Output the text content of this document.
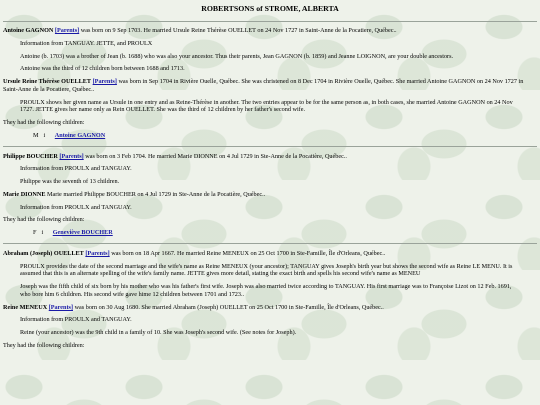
ROBERTSONS of STROME, ALBERTA

Antoine GAGNON [Parents] was born on 9 Sep 1703. He married Ursule Reine Thérèse OUELLET on 24 Nov 1727 in Saint-Anne de la Pocatiere, Québec..

Information from TANGUAY. JETTE, and PROULX

Antoine (b. 1703) was a brother of Jean (b. 1688) who was also your ancestor. Thus their parents, Jean GAGNON (b. 1859) and Jeanne LOIGNON, are your double ancestors.

Antoine was the third of 12 children born between 1688 and 1713.

Ursule Reine Thérèse OUELLET [Parents] was born in Sep 1704 in Rivière Ouelle, Québec. She was christened on 8 Dec 1704 in Rivière Ouelle, Québec. She married Antoine GAGNON on 24 Nov 1727 in Saint-Anne de la Pocatiere, Québec..

PROULX shows her given name as Ursule in one entry and as Reine-Thérèse in another. The two entries appear to be for the same person as, in both cases, she married Antoine GAGNON on 24 Nov 1727. JETTE gives her name only as Rein OUELLET. She was the third of 12 children by her father's second wife.

They had the following children:

M i Antoine GAGNON

Philippe BOUCHER [Parents] was born on 3 Feb 1704. He married Marie DIONNE on 4 Jul 1729 in Ste-Anne de la Pocatière, Québec..

Information from PROULX and TANGUAY.

Philippe was the seventh of 13 children.

Marie DIONNE Marie married Philippe BOUCHER on 4 Jul 1729 in Ste-Anne de la Pocatière, Québec..

Information from PROULX and TANGUAY.

They had the following children:

F i Geneviève BOUCHER

Abraham (Joseph) OUELLET [Parents] was born on 18 Apr 1667. He married Reine MENEUX on 25 Oct 1700 in Ste-Famille, Île d'Orleans, Québec..

PROULX provides the date of the second marriage and the wife's name as Reine MENEUX (your ancestor); TANGUAY gives Joseph's birth year but shows the second wife as Reine LE MENU. It is assumed that this is an alternate spelling of the wife's family name. JETTE gives more detail, stating the exact birth and spells his second wife's name as MENEU

Joseph was the fifth child of six born by his mother who was his father's first wife. Joseph was also married twice according to TANGUAY. His first marriage was to Françoise Lizot on 12 Feb. 1691, who bore him 6 children. His second wife gave hime 12 children between 1701 and 1723..

Reine MENEUX [Parents] was born on 30 Aug 1680. She married Abraham (Joseph) OUELLET on 25 Oct 1700 in Ste-Famille, Île d'Orleans, Québec..

Information from PROULX and TANGUAY.

Reine (your ancestor) was the 9th child in a family of 10. She was Joseph's second wife. (See notes for Joseph).

They had the following children:
